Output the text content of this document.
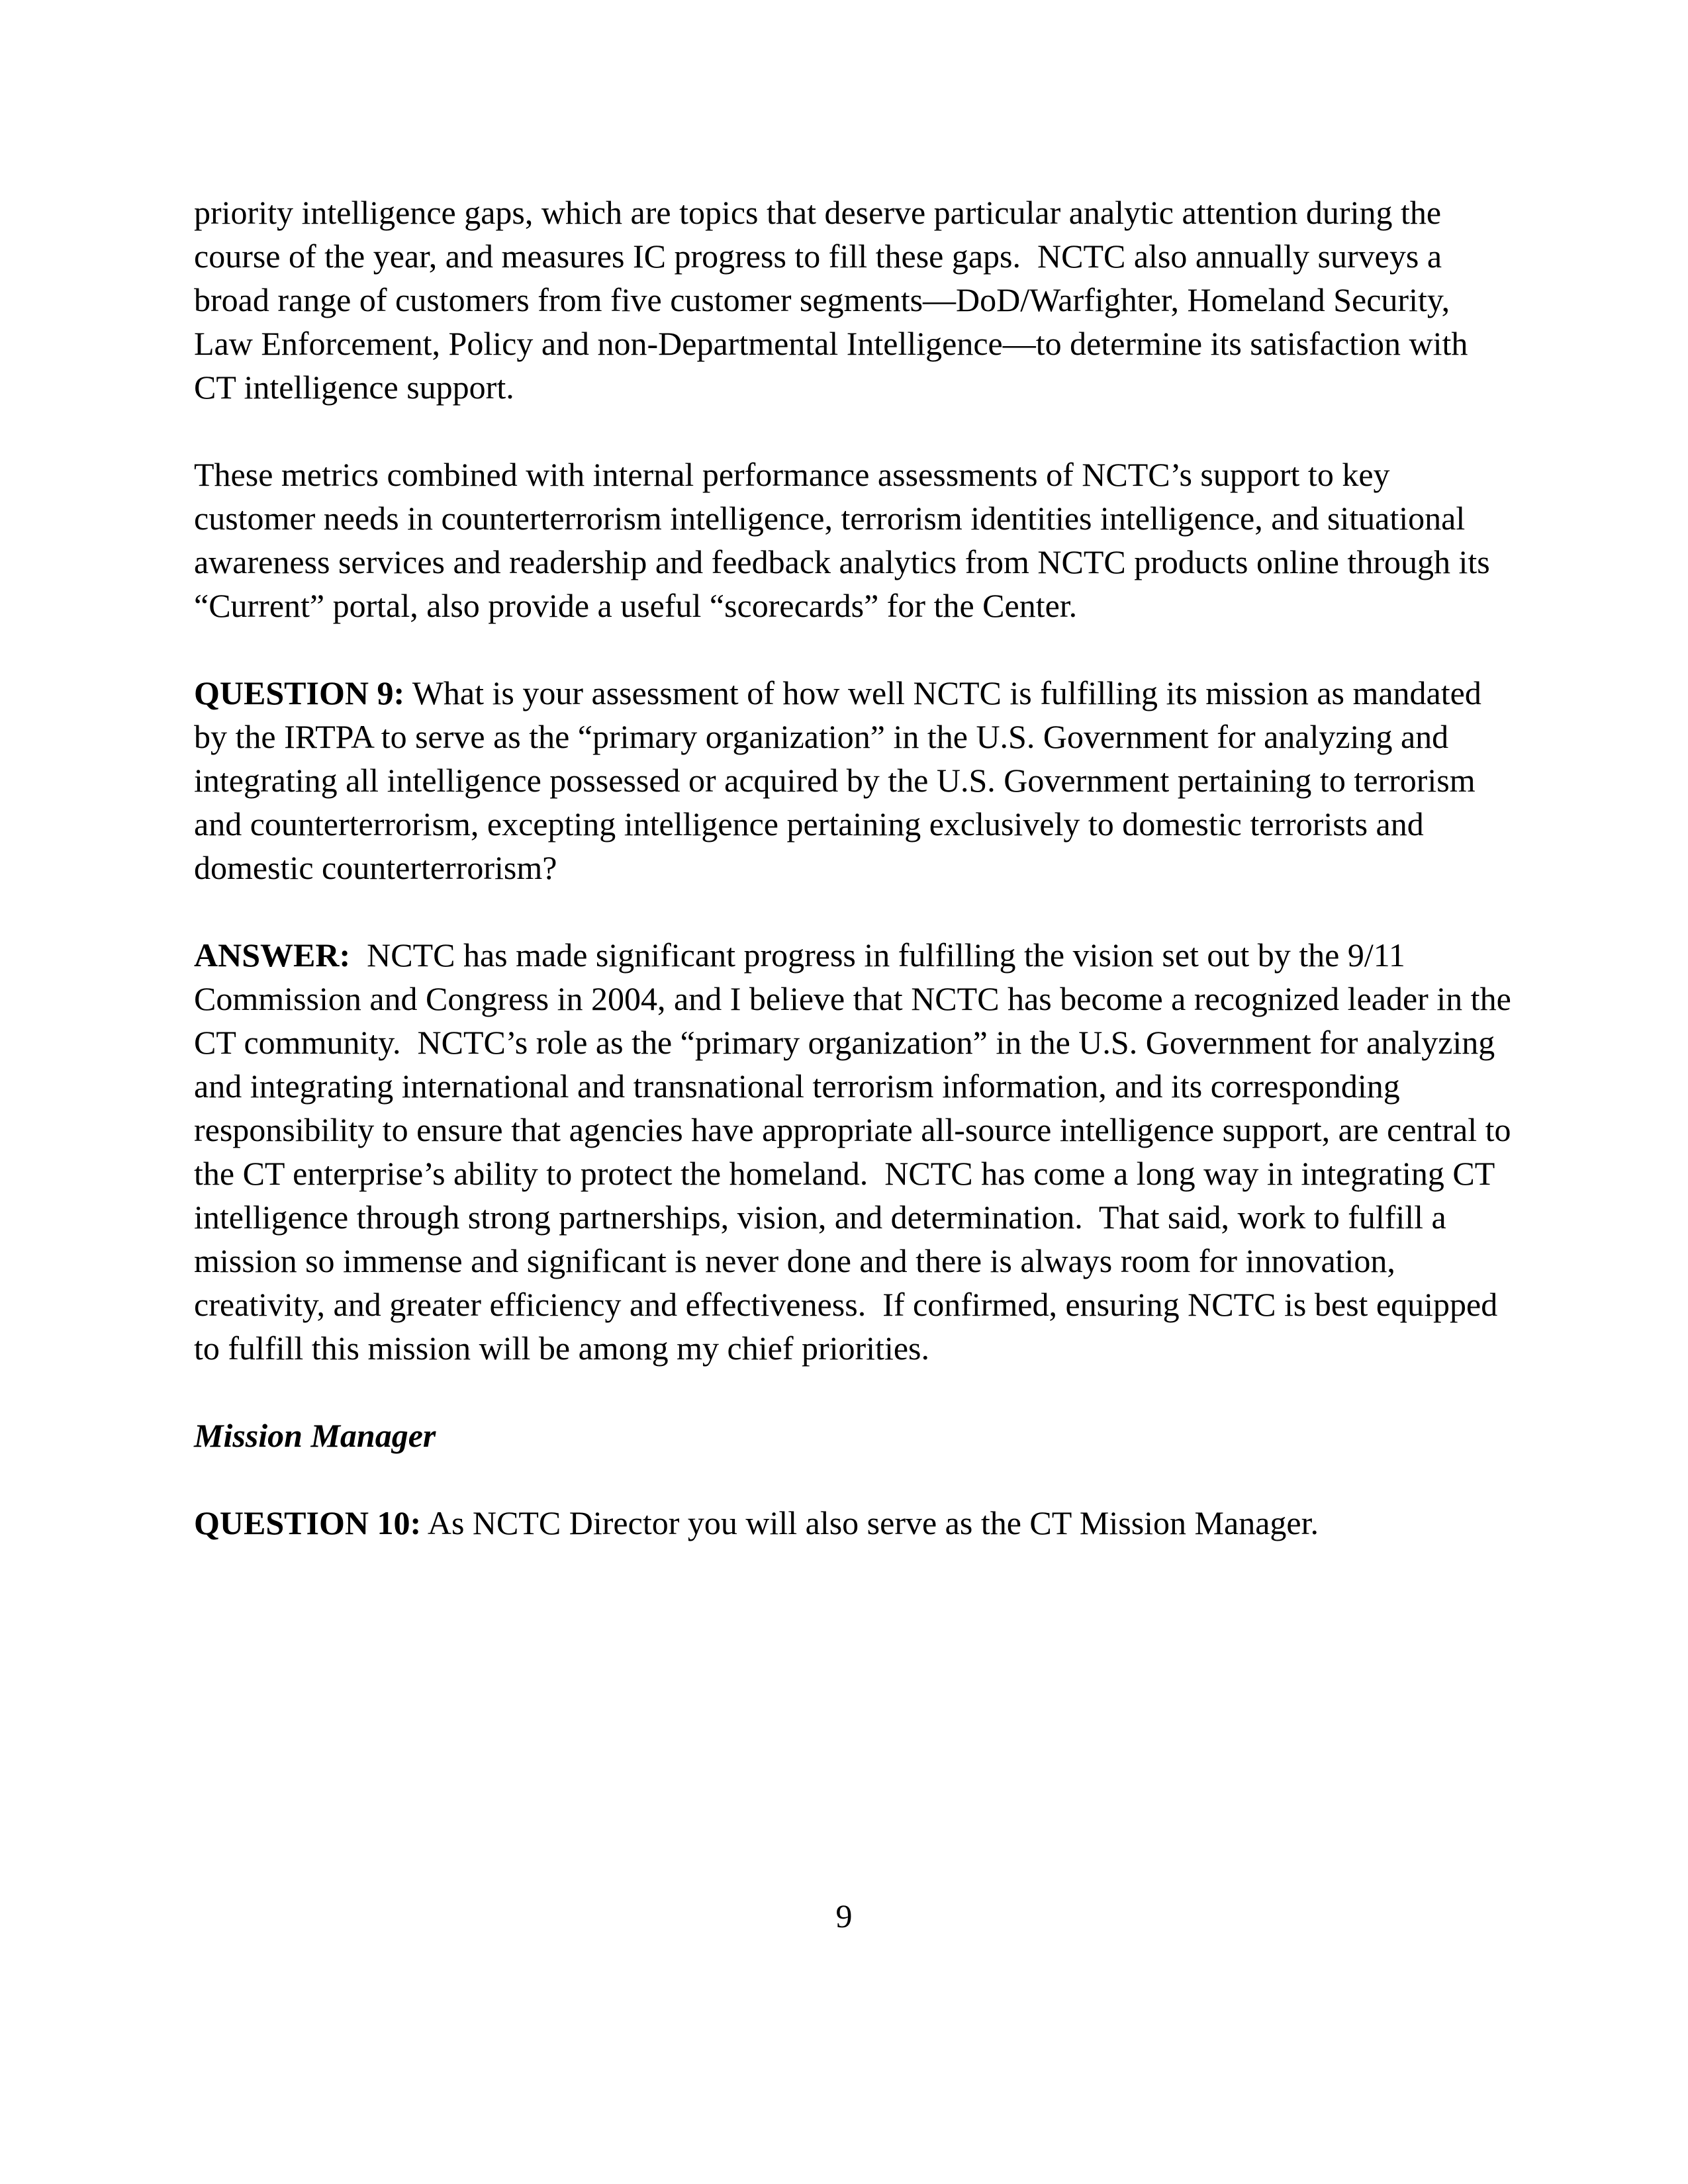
priority intelligence gaps, which are topics that deserve particular analytic attention during the course of the year, and measures IC progress to fill these gaps.  NCTC also annually surveys a broad range of customers from five customer segments—DoD/Warfighter, Homeland Security, Law Enforcement, Policy and non-Departmental Intelligence—to determine its satisfaction with CT intelligence support.

These metrics combined with internal performance assessments of NCTC’s support to key customer needs in counterterrorism intelligence, terrorism identities intelligence, and situational awareness services and readership and feedback analytics from NCTC products online through its “Current” portal, also provide a useful “scorecards” for the Center.

QUESTION 9: What is your assessment of how well NCTC is fulfilling its mission as mandated by the IRTPA to serve as the “primary organization” in the U.S. Government for analyzing and integrating all intelligence possessed or acquired by the U.S. Government pertaining to terrorism and counterterrorism, excepting intelligence pertaining exclusively to domestic terrorists and domestic counterterrorism?

ANSWER:  NCTC has made significant progress in fulfilling the vision set out by the 9/11 Commission and Congress in 2004, and I believe that NCTC has become a recognized leader in the CT community.  NCTC’s role as the “primary organization” in the U.S. Government for analyzing and integrating international and transnational terrorism information, and its corresponding responsibility to ensure that agencies have appropriate all-source intelligence support, are central to the CT enterprise’s ability to protect the homeland.  NCTC has come a long way in integrating CT intelligence through strong partnerships, vision, and determination.  That said, work to fulfill a mission so immense and significant is never done and there is always room for innovation, creativity, and greater efficiency and effectiveness.  If confirmed, ensuring NCTC is best equipped to fulfill this mission will be among my chief priorities.

Mission Manager

QUESTION 10: As NCTC Director you will also serve as the CT Mission Manager.

9
